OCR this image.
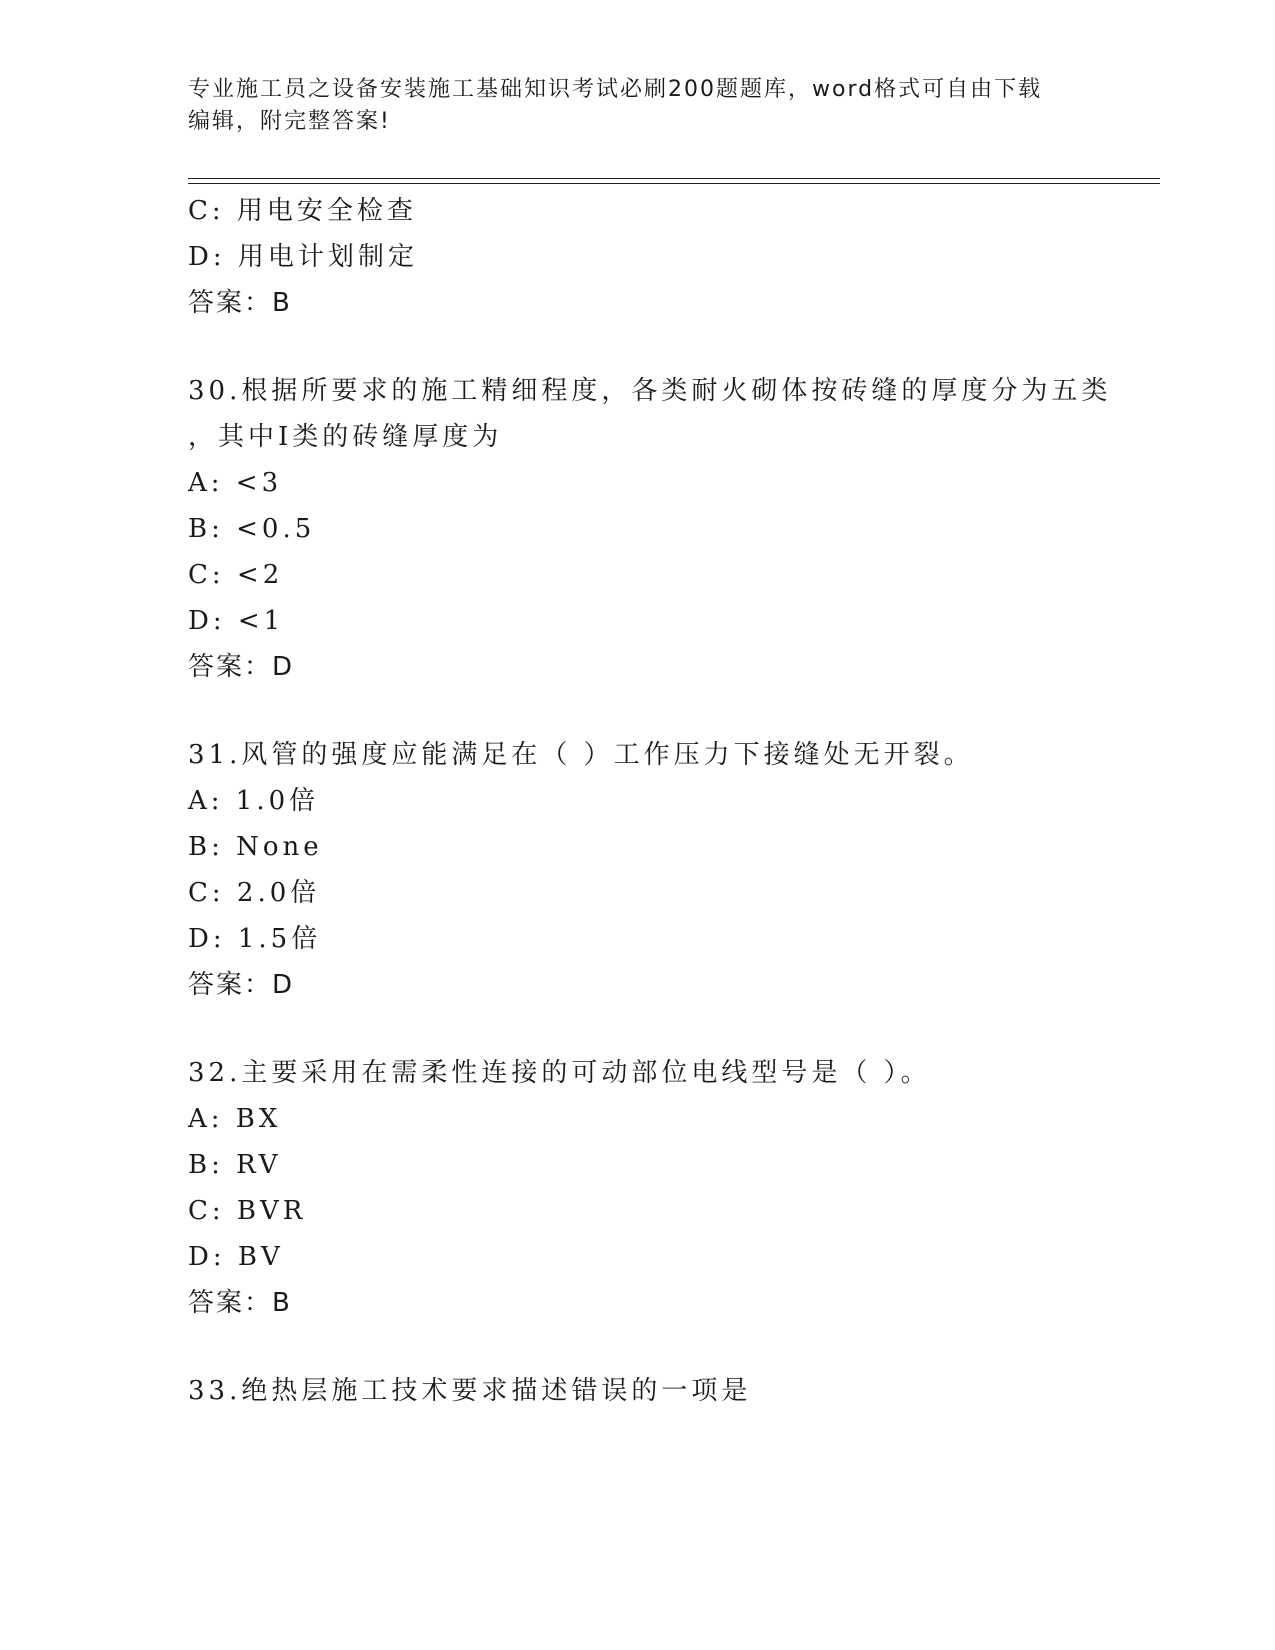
专业施工员之设备安装施工基础知识考试必刷200题题库，word格式可自由下载
编辑，附完整答案!
C: 用电安全检查
D: 用电计划制定
答案：B
30.根据所要求的施工精细程度，各类耐火砌体按砖缝的厚度分为五类
，其中Ⅰ类的砖缝厚度为
A: <3
B: <0.5
C: <2
D: <1
答案：D
31.风管的强度应能满足在（ ）工作压力下接缝处无开裂。
A: 1.0倍
B: None
C: 2.0倍
D: 1.5倍
答案：D
32.主要采用在需柔性连接的可动部位电线型号是（ ）。
A: BX
B: RV
C: BVR
D: BV
答案：B
33.绝热层施工技术要求描述错误的一项是
